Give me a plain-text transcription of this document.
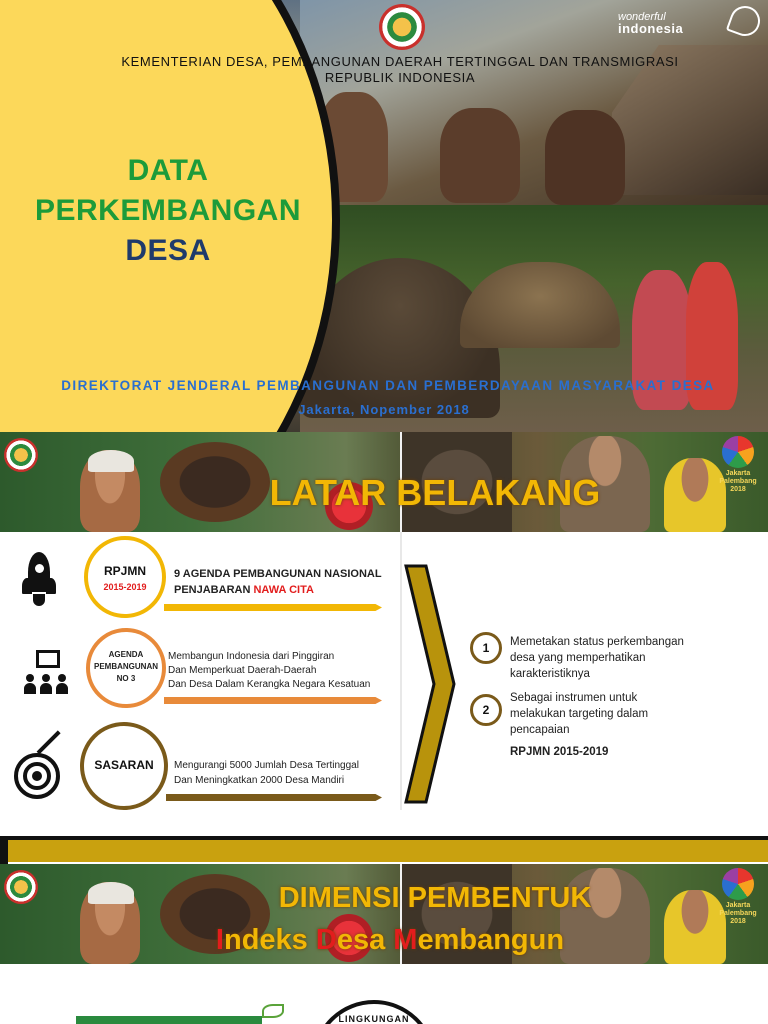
DATA
PERKEMBANGAN
DESA
KEMENTERIAN DESA, PEMBANGUNAN DAERAH TERTINGGAL DAN TRANSMIGRASI
REPUBLIK INDONESIA
wonderful
indonesia
DIREKTORAT JENDERAL PEMBANGUNAN DAN PEMBERDAYAAN MASYARAKAT DESA
Jakarta, Nopember 2018
Jakarta Palembang 2018
LATAR BELAKANG
RPJMN
2015-2019
9 AGENDA PEMBANGUNAN NASIONAL
PENJABARAN NAWA CITA
AGENDA
PEMBANGUNAN
NO 3
Membangun Indonesia dari Pinggiran
Dan Memperkuat Daerah-Daerah
Dan Desa Dalam Kerangka Negara Kesatuan
SASARAN	Mengurangi 5000 Jumlah Desa Tertinggal
Dan Meningkatkan 2000 Desa Mandiri
1	Memetakan status perkembangan
desa yang memperhatikan
karakteristiknya
2
Sebagai instrumen untuk
melakukan targeting dalam
pencapaian
RPJMN 2015-2019
Jakarta Palembang 2018
DIMENSI PEMBENTUK
Indeks Desa Membangun
LINGKUNGAN
